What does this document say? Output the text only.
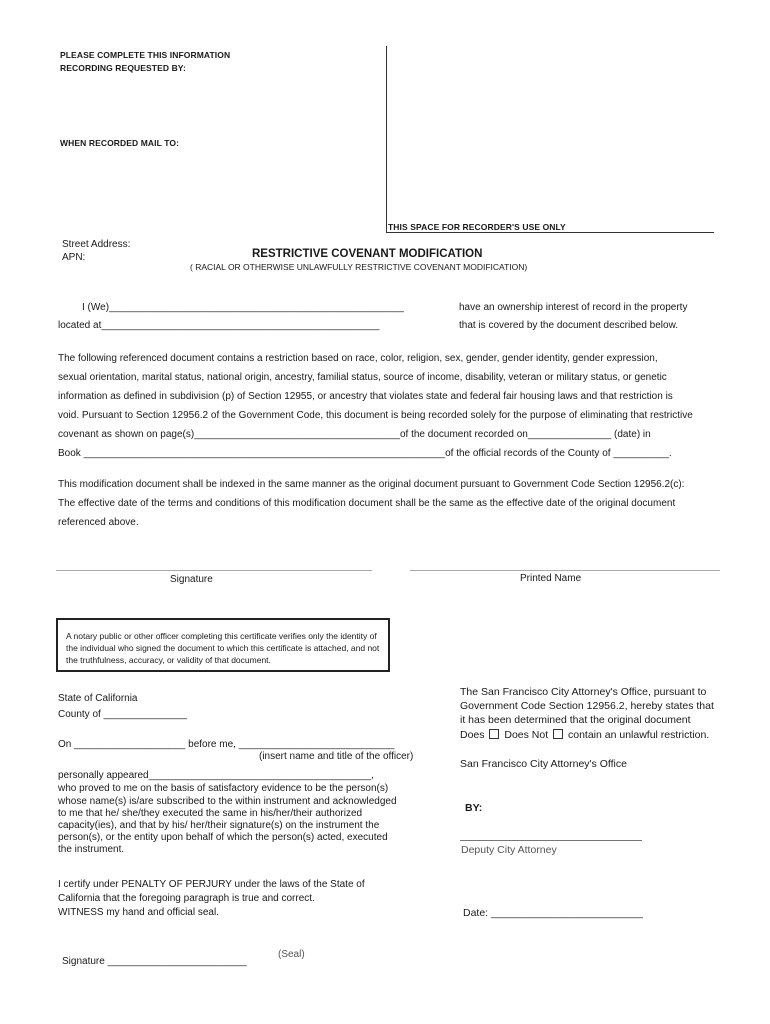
PLEASE COMPLETE THIS INFORMATION
RECORDING REQUESTED BY:
WHEN RECORDED MAIL TO:
THIS SPACE FOR RECORDER'S USE ONLY
Street Address:
APN:	RESTRICTIVE COVENANT MODIFICATION
( RACIAL OR OTHERWISE UNLAWFULLY RESTRICTIVE COVENANT MODIFICATION)
I (We)_____________________________________________________	have an ownership interest of record in the property
located at__________________________________________________	that is covered by the document described below.
The following referenced document contains a restriction based on race, color, religion, sex, gender, gender identity, gender expression,
sexual orientation, marital status, national origin, ancestry, familial status, source of income, disability, veteran or military status, or genetic
information as defined in subdivision (p) of Section 12955, or ancestry that violates state and federal fair housing laws and that restriction is
void. Pursuant to Section 12956.2 of the Government Code, this document is being recorded solely for the purpose of eliminating that restrictive
covenant as shown on page(s)_____________________________________of the document recorded on_______________ (date) in
Book _________________________________________________________________of the official records of the County of __________.
This modification document shall be indexed in the same manner as the original document pursuant to Government Code Section 12956.2(c):
The effective date of the terms and conditions of this modification document shall be the same as the effective date of the original document
referenced above.
Signature	Printed Name
A notary public or other officer completing this certificate verifies only the identity of the individual who signed the document to which this certificate is attached, and not the truthfulness, accuracy, or validity of that document.
State of California
County of _______________
On ____________________ before me, ____________________________
(insert name and title of the officer)
personally appeared________________________________________,
who proved to me on the basis of satisfactory evidence to be the person(s)
whose name(s) is/are subscribed to the within instrument and acknowledged
to me that he/ she/they executed the same in his/her/their authorized
capacity(ies), and that by his/ her/their signature(s) on the instrument the
person(s), or the entity upon behalf of which the person(s) acted, executed
the instrument.
I certify under PENALTY OF PERJURY under the laws of the State of
California that the foregoing paragraph is true and correct.
WITNESS my hand and official seal.
Signature _________________________
(Seal)
The San Francisco City Attorney's Office, pursuant to
Government Code Section 12956.2, hereby states that
it has been determined that the original document
Does Does Not contain an unlawful restriction.
San Francisco City Attorney's Office
BY:
Deputy City Attorney
Date: __________________________
